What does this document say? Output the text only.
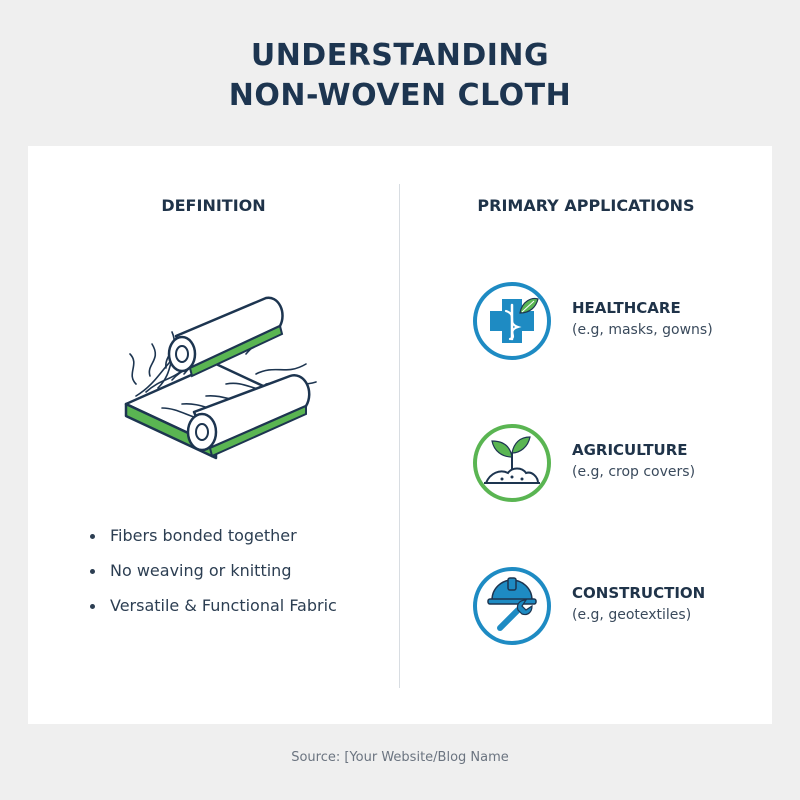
UNDERSTANDING
NON-WOVEN CLOTH
DEFINITION	PRIMARY APPLICATIONS
Fibers bonded together
No weaving or knitting
Versatile & Functional Fabric
HEALTHCARE
(e.g, masks, gowns)
AGRICULTURE
(e.g, crop covers)
CONSTRUCTION
(e.g, geotextiles)
Source: [Your Website/Blog Name
